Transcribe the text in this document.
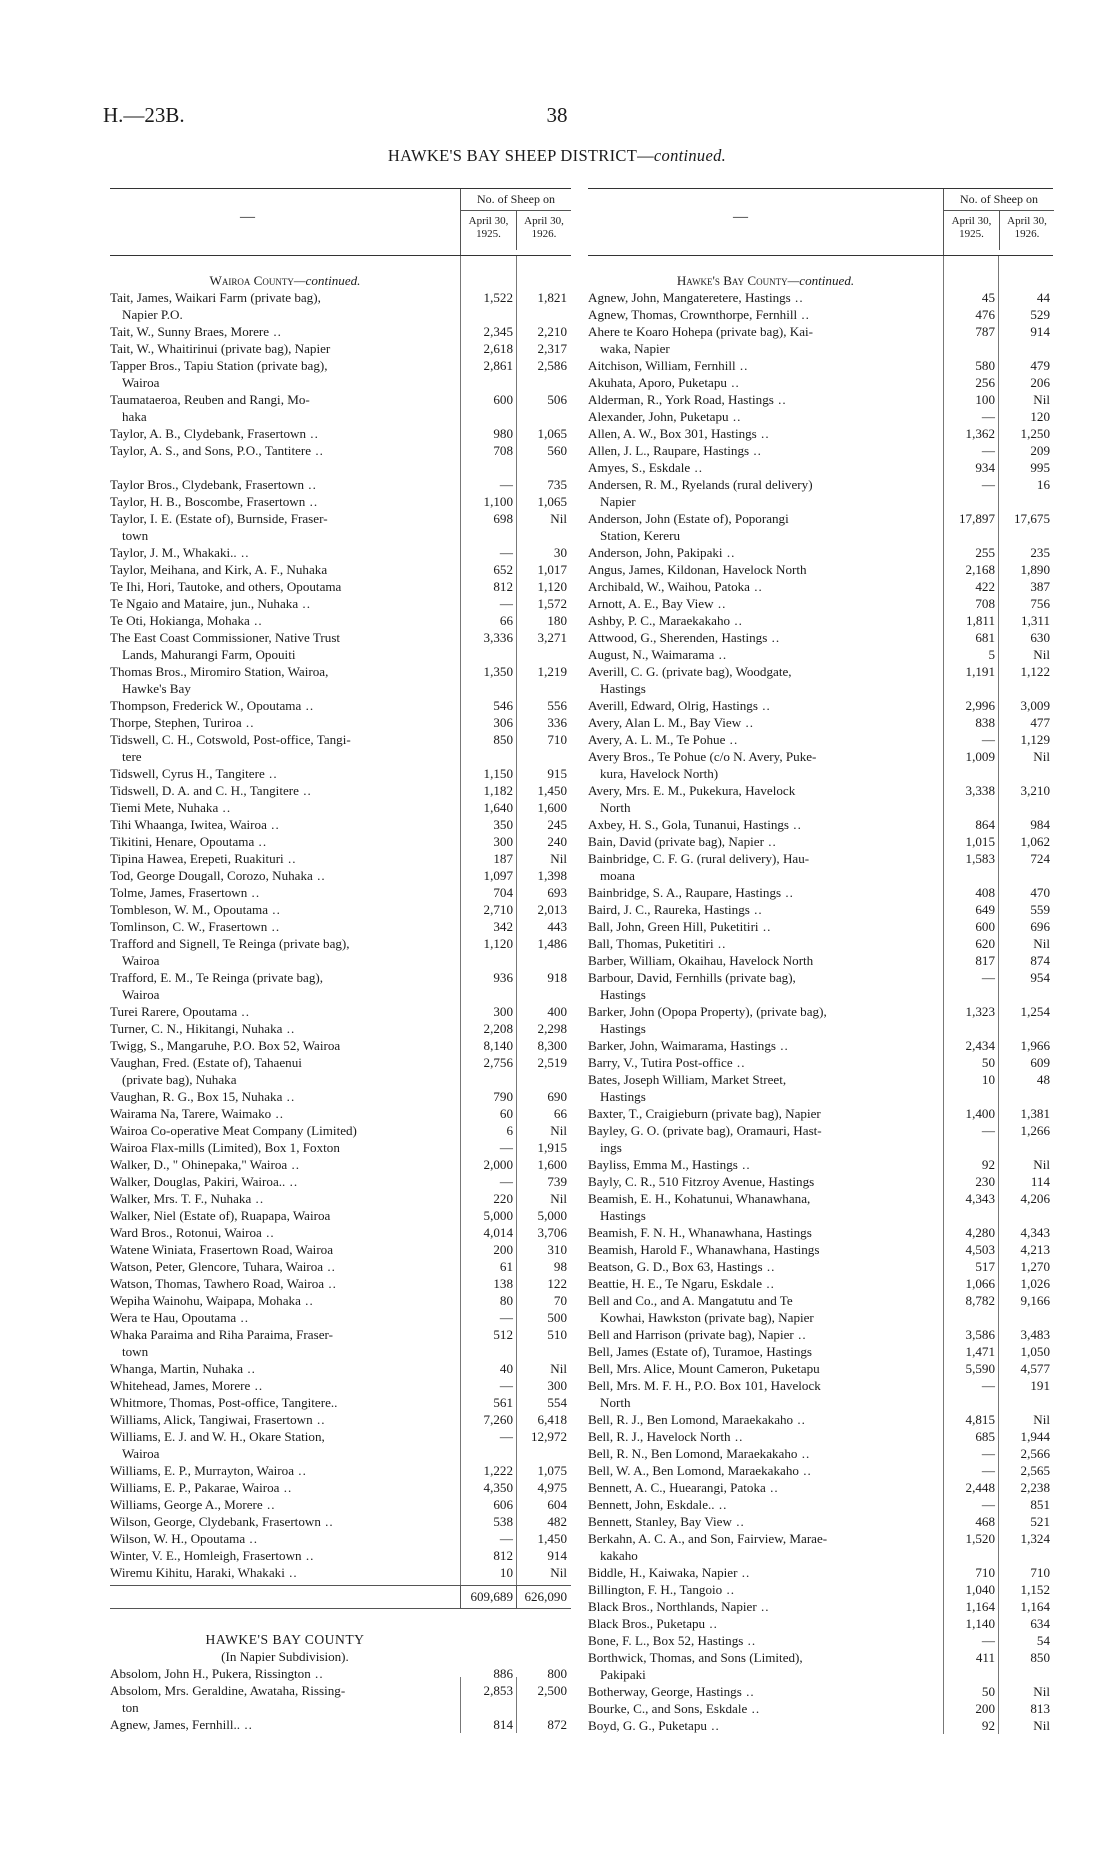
H.—23B.	38
HAWKE'S BAY SHEEP DISTRICT—continued.
—
No. of Sheep on
April 30,
1925.
April 30,
1926.
Wairoa County—continued.
Tait, James, Waikari Farm (private bag),	1,522	1,821
Napier P.O.
Tait, W., Sunny Braes, Morere ..	2,345	2,210
Tait, W., Whaitirinui (private bag), Napier	2,618	2,317
Tapper Bros., Tapiu Station (private bag),	2,861	2,586
Wairoa
Taumataeroa, Reuben and Rangi, Mo-	600	506
haka
Taylor, A. B., Clydebank, Frasertown ..	980	1,065
Taylor, A. S., and Sons, P.O., Tantitere ..	708	560
Taylor Bros., Clydebank, Frasertown ..	—	735
Taylor, H. B., Boscombe, Frasertown ..	1,100	1,065
Taylor, I. E. (Estate of), Burnside, Fraser-	698	Nil
town
Taylor, J. M., Whakaki.. ..	—	30
Taylor, Meihana, and Kirk, A. F., Nuhaka	652	1,017
Te Ihi, Hori, Tautoke, and others, Opoutama	812	1,120
Te Ngaio and Mataire, jun., Nuhaka ..	—	1,572
Te Oti, Hokianga, Mohaka ..	66	180
The East Coast Commissioner, Native Trust	3,336	3,271
Lands, Mahurangi Farm, Opouiti
Thomas Bros., Miromiro Station, Wairoa,	1,350	1,219
Hawke's Bay
Thompson, Frederick W., Opoutama ..	546	556
Thorpe, Stephen, Turiroa ..	306	336
Tidswell, C. H., Cotswold, Post-office, Tangi-	850	710
tere
Tidswell, Cyrus H., Tangitere ..	1,150	915
Tidswell, D. A. and C. H., Tangitere ..	1,182	1,450
Tiemi Mete, Nuhaka ..	1,640	1,600
Tihi Whaanga, Iwitea, Wairoa ..	350	245
Tikitini, Henare, Opoutama ..	300	240
Tipina Hawea, Erepeti, Ruakituri ..	187	Nil
Tod, George Dougall, Corozo, Nuhaka ..	1,097	1,398
Tolme, James, Frasertown ..	704	693
Tombleson, W. M., Opoutama ..	2,710	2,013
Tomlinson, C. W., Frasertown ..	342	443
Trafford and Signell, Te Reinga (private bag),	1,120	1,486
Wairoa
Trafford, E. M., Te Reinga (private bag),	936	918
Wairoa
Turei Rarere, Opoutama ..	300	400
Turner, C. N., Hikitangi, Nuhaka ..	2,208	2,298
Twigg, S., Mangaruhe, P.O. Box 52, Wairoa	8,140	8,300
Vaughan, Fred. (Estate of), Tahaenui	2,756	2,519
(private bag), Nuhaka
Vaughan, R. G., Box 15, Nuhaka ..	790	690
Wairama Na, Tarere, Waimako ..	60	66
Wairoa Co-operative Meat Company (Limited)	6	Nil
Wairoa Flax-mills (Limited), Box 1, Foxton	—	1,915
Walker, D., " Ohinepaka," Wairoa ..	2,000	1,600
Walker, Douglas, Pakiri, Wairoa.. ..	—	739
Walker, Mrs. T. F., Nuhaka ..	220	Nil
Walker, Niel (Estate of), Ruapapa, Wairoa	5,000	5,000
Ward Bros., Rotonui, Wairoa ..	4,014	3,706
Watene Winiata, Frasertown Road, Wairoa	200	310
Watson, Peter, Glencore, Tuhara, Wairoa ..	61	98
Watson, Thomas, Tawhero Road, Wairoa ..	138	122
Wepiha Wainohu, Waipapa, Mohaka ..	80	70
Wera te Hau, Opoutama ..	—	500
Whaka Paraima and Riha Paraima, Fraser-	512	510
town
Whanga, Martin, Nuhaka ..	40	Nil
Whitehead, James, Morere ..	—	300
Whitmore, Thomas, Post-office, Tangitere..	561	554
Williams, Alick, Tangiwai, Frasertown ..	7,260	6,418
Williams, E. J. and W. H., Okare Station,	—	12,972
Wairoa
Williams, E. P., Murrayton, Wairoa ..	1,222	1,075
Williams, E. P., Pakarae, Wairoa ..	4,350	4,975
Williams, George A., Morere ..	606	604
Wilson, George, Clydebank, Frasertown ..	538	482
Wilson, W. H., Opoutama ..	—	1,450
Winter, V. E., Homleigh, Frasertown ..	812	914
Wiremu Kihitu, Haraki, Whakaki ..	10	Nil
609,689 626,090
HAWKE'S BAY COUNTY
(In Napier Subdivision).
Absolom, John H., Pukera, Rissington ..	886	800
Absolom, Mrs. Geraldine, Awataha, Rissing-	2,853	2,500
ton
Agnew, James, Fernhill.. ..	814	872
—
No. of Sheep on
April 30,
1925.
April 30,
1926.
Hawke's Bay County—continued.
Agnew, John, Mangateretere, Hastings ..	45	44
Agnew, Thomas, Crownthorpe, Fernhill ..	476	529
Ahere te Koaro Hohepa (private bag), Kai-	787	914
waka, Napier
Aitchison, William, Fernhill ..	580	479
Akuhata, Aporo, Puketapu ..	256	206
Alderman, R., York Road, Hastings ..	100	Nil
Alexander, John, Puketapu ..	—	120
Allen, A. W., Box 301, Hastings ..	1,362	1,250
Allen, J. L., Raupare, Hastings ..	—	209
Amyes, S., Eskdale ..	934	995
Andersen, R. M., Ryelands (rural delivery)	—	16
Napier
Anderson, John (Estate of), Poporangi	17,897	17,675
Station, Kereru
Anderson, John, Pakipaki ..	255	235
Angus, James, Kildonan, Havelock North	2,168	1,890
Archibald, W., Waihou, Patoka ..	422	387
Arnott, A. E., Bay View ..	708	756
Ashby, P. C., Maraekakaho ..	1,811	1,311
Attwood, G., Sherenden, Hastings ..	681	630
August, N., Waimarama ..	5	Nil
Averill, C. G. (private bag), Woodgate,	1,191	1,122
Hastings
Averill, Edward, Olrig, Hastings ..	2,996	3,009
Avery, Alan L. M., Bay View ..	838	477
Avery, A. L. M., Te Pohue ..	—	1,129
Avery Bros., Te Pohue (c/o N. Avery, Puke-	1,009	Nil
kura, Havelock North)
Avery, Mrs. E. M., Pukekura, Havelock	3,338	3,210
North
Axbey, H. S., Gola, Tunanui, Hastings ..	864	984
Bain, David (private bag), Napier ..	1,015	1,062
Bainbridge, C. F. G. (rural delivery), Hau-	1,583	724
moana
Bainbridge, S. A., Raupare, Hastings ..	408	470
Baird, J. C., Raureka, Hastings ..	649	559
Ball, John, Green Hill, Puketitiri ..	600	696
Ball, Thomas, Puketitiri ..	620	Nil
Barber, William, Okaihau, Havelock North	817	874
Barbour, David, Fernhills (private bag),	—	954
Hastings
Barker, John (Opopa Property), (private bag),	1,323	1,254
Hastings
Barker, John, Waimarama, Hastings ..	2,434	1,966
Barry, V., Tutira Post-office ..	50	609
Bates, Joseph William, Market Street,	10	48
Hastings
Baxter, T., Craigieburn (private bag), Napier	1,400	1,381
Bayley, G. O. (private bag), Oramauri, Hast-	—	1,266
ings
Bayliss, Emma M., Hastings ..	92	Nil
Bayly, C. R., 510 Fitzroy Avenue, Hastings	230	114
Beamish, E. H., Kohatunui, Whanawhana,	4,343	4,206
Hastings
Beamish, F. N. H., Whanawhana, Hastings	4,280	4,343
Beamish, Harold F., Whanawhana, Hastings	4,503	4,213
Beatson, G. D., Box 63, Hastings ..	517	1,270
Beattie, H. E., Te Ngaru, Eskdale ..	1,066	1,026
Bell and Co., and A. Mangatutu and Te	8,782	9,166
Kowhai, Hawkston (private bag), Napier
Bell and Harrison (private bag), Napier ..	3,586	3,483
Bell, James (Estate of), Turamoe, Hastings	1,471	1,050
Bell, Mrs. Alice, Mount Cameron, Puketapu	5,590	4,577
Bell, Mrs. M. F. H., P.O. Box 101, Havelock	—	191
North
Bell, R. J., Ben Lomond, Maraekakaho ..	4,815	Nil
Bell, R. J., Havelock North ..	685	1,944
Bell, R. N., Ben Lomond, Maraekakaho ..	—	2,566
Bell, W. A., Ben Lomond, Maraekakaho ..	—	2,565
Bennett, A. C., Huearangi, Patoka ..	2,448	2,238
Bennett, John, Eskdale.. ..	—	851
Bennett, Stanley, Bay View ..	468	521
Berkahn, A. C. A., and Son, Fairview, Marae-	1,520	1,324
kakaho
Biddle, H., Kaiwaka, Napier ..	710	710
Billington, F. H., Tangoio ..	1,040	1,152
Black Bros., Northlands, Napier ..	1,164	1,164
Black Bros., Puketapu ..	1,140	634
Bone, F. L., Box 52, Hastings ..	—	54
Borthwick, Thomas, and Sons (Limited),	411	850
Pakipaki
Botherway, George, Hastings ..	50	Nil
Bourke, C., and Sons, Eskdale ..	200	813
Boyd, G. G., Puketapu ..	92	Nil
